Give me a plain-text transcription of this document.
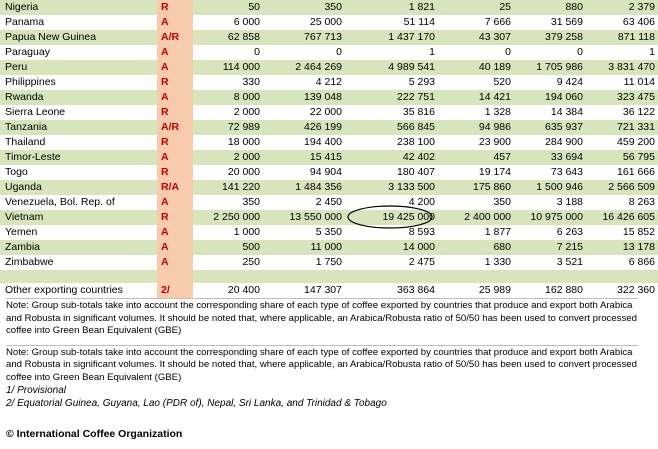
Nigeria	R	50	350	1 821	25	880	2 379
Panama	A	6 000	25 000	51 114	7 666	31 569	63 406
Papua New Guinea	A/R	62 858	767 713	1 437 170	43 307	379 258	871 118
Paraguay	A	0	0	1	0	0	1
Peru	A	114 000	2 464 269	4 989 541	40 189	1 705 986	3 831 470
Philippines	R	330	4 212	5 293	520	9 424	11 014
Rwanda	A	8 000	139 048	222 751	14 421	194 060	323 475
Sierra Leone	R	2 000	22 000	35 816	1 328	14 384	36 122
Tanzania	A/R	72 989	426 199	566 845	94 986	635 937	721 331
Thailand	R	18 000	194 400	238 100	23 900	284 900	459 200
Timor-Leste	A	2 000	15 415	42 402	457	33 694	56 795
Togo	R	20 000	94 904	180 407	19 174	73 643	161 666
Uganda	R/A	141 220	1 484 356	3 133 500	175 860	1 500 946	2 566 509
Venezuela, Bol. Rep. of	A	350	2 450	4 200	350	3 188	8 263
Vietnam	R	2 250 000	13 550 000	19 425 000	2 400 000	10 975 000	16 426 605
Yemen	A	1 000	5 350	8 593	1 877	6 263	15 852
Zambia	A	500	11 000	14 000	680	7 215	13 178
Zimbabwe	A	250	1 750	2 475	1 330	3 521	6 866

Other exporting countries	2/	20 400	147 307	363 864	25 989	162 880	322 360

Note: Group sub-totals take into account the corresponding share of each type of coffee exported by countries that produce and export both Arabica and Robusta in significant volumes. It should be noted that, where applicable, an Arabica/Robusta ratio of 50/50 has been used to convert processed coffee into Green Bean Equivalent (GBE)

Note: Group sub-totals take into account the corresponding share of each type of coffee exported by countries that produce and export both Arabica and Robusta in significant volumes. It should be noted that, where applicable, an Arabica/Robusta ratio of 50/50 has been used to convert processed coffee into Green Bean Equivalent (GBE)

1/ Provisional

2/ Equatorial Guinea, Guyana, Lao (PDR of), Nepal, Sri Lanka, and Trinidad & Tobago

© International Coffee Organization
